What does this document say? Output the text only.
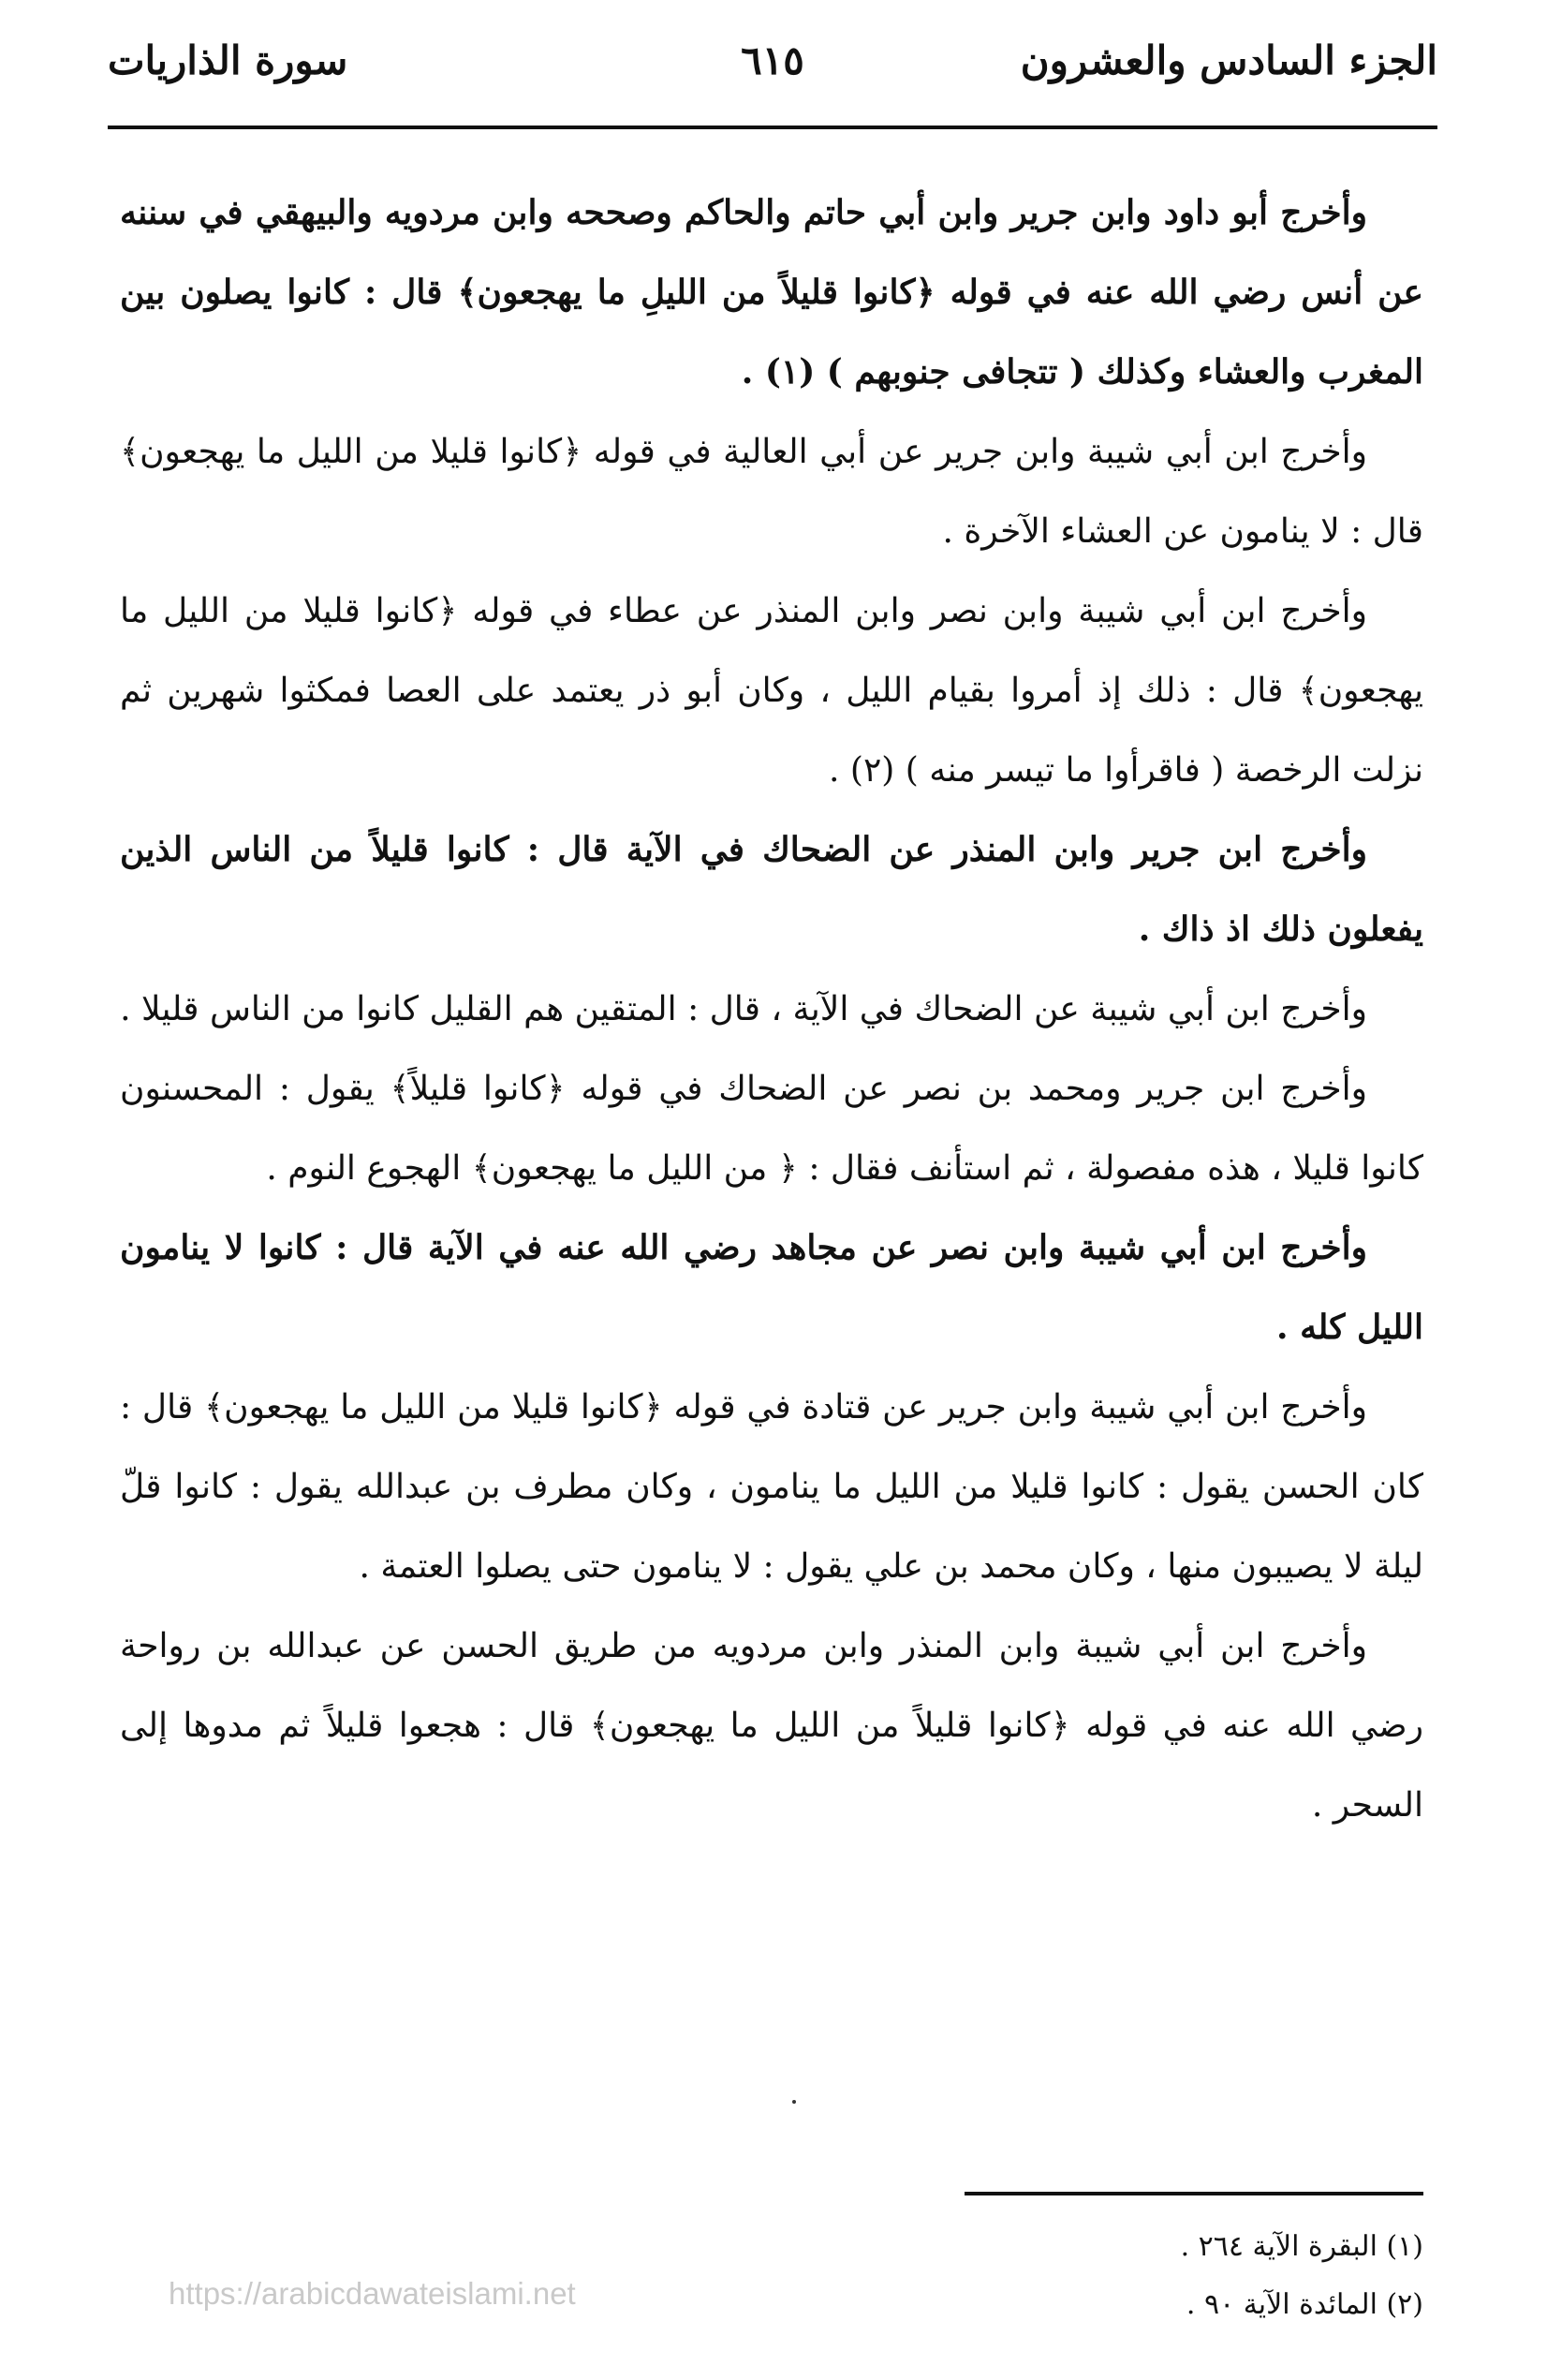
الجزء السادس والعشرون
٦١٥
سورة الذاريات

وأخرج أبو داود وابن جرير وابن أبي حاتم والحاكم وصححه وابن مردويه والبيهقي في سننه عن أنس رضي الله عنه في قوله ﴿كانوا قليلاً من الليلِ ما يهجعون﴾ قال : كانوا يصلون بين المغرب والعشاء وكذلك ( تتجافى جنوبهم ) (١) .

وأخرج ابن أبي شيبة وابن جرير عن أبي العالية في قوله ﴿كانوا قليلا من الليل ما يهجعون﴾ قال : لا ينامون عن العشاء الآخرة .

وأخرج ابن أبي شيبة وابن نصر وابن المنذر عن عطاء في قوله ﴿كانوا قليلا من الليل ما يهجعون﴾ قال : ذلك إذ أمروا بقيام الليل ، وكان أبو ذر يعتمد على العصا فمكثوا شهرين ثم نزلت الرخصة ( فاقرأوا ما تيسر منه ) (٢) .

وأخرج ابن جرير وابن المنذر عن الضحاك في الآية قال : كانوا قليلاً من الناس الذين يفعلون ذلك اذ ذاك .

وأخرج ابن أبي شيبة عن الضحاك في الآية ، قال : المتقين هم القليل كانوا من الناس قليلا .

وأخرج ابن جرير ومحمد بن نصر عن الضحاك في قوله ﴿كانوا قليلاً﴾ يقول : المحسنون كانوا قليلا ، هذه مفصولة ، ثم استأنف فقال : ﴿ من الليل ما يهجعون﴾ الهجوع النوم .

وأخرج ابن أبي شيبة وابن نصر عن مجاهد رضي الله عنه في الآية قال : كانوا لا ينامون الليل كله .

وأخرج ابن أبي شيبة وابن جرير عن قتادة في قوله ﴿كانوا قليلا من الليل ما يهجعون﴾ قال : كان الحسن يقول : كانوا قليلا من الليل ما ينامون ، وكان مطرف بن عبدالله يقول : كانوا قلّ ليلة لا يصيبون منها ، وكان محمد بن علي يقول : لا ينامون حتى يصلوا العتمة .

وأخرج ابن أبي شيبة وابن المنذر وابن مردويه من طريق الحسن عن عبدالله بن رواحة رضي الله عنه في قوله ﴿كانوا قليلاً من الليل ما يهجعون﴾ قال : هجعوا قليلاً ثم مدوها إلى السحر .

(١) البقرة الآية ٢٦٤ .

(٢) المائدة الآية ٩٠ .

https://arabicdawateislami.net
